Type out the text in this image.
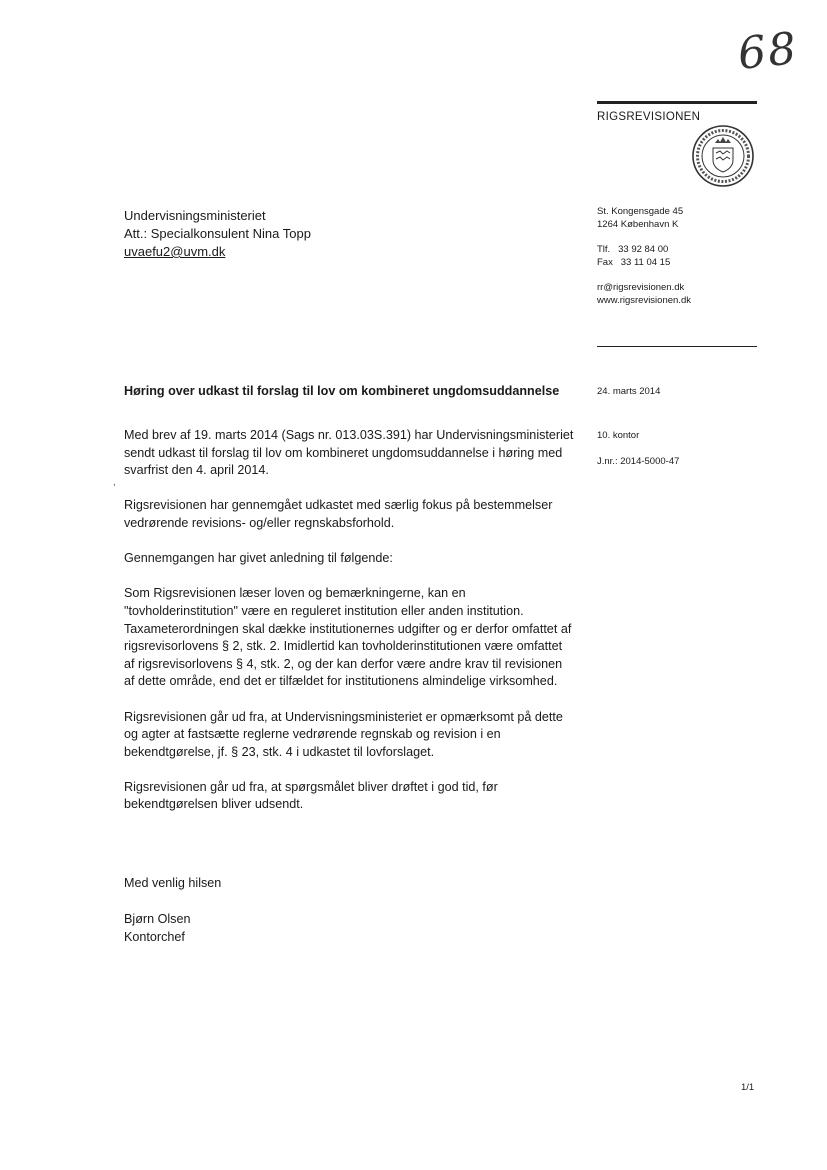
68
RIGSREVISIONEN
St. Kongensgade 45
1264 København K
Tlf.   33 92 84 00
Fax   33 11 04 15
rr@rigsrevisionen.dk
www.rigsrevisionen.dk
Undervisningsministeriet
Att.: Specialkonsulent Nina Topp
uvaefu2@uvm.dk
Høring over udkast til forslag til lov om kombineret ungdomsuddannelse	24. marts 2014
10. kontor
J.nr.: 2014-5000-47
,

Med brev af 19. marts 2014 (Sags nr. 013.03S.391) har Undervisningsministeriet sendt udkast til forslag til lov om kombineret ungdomsuddannelse i høring med svarfrist den 4. april 2014.

Rigsrevisionen har gennemgået udkastet med særlig fokus på bestemmelser vedrørende revisions- og/eller regnskabsforhold.

Gennemgangen har givet anledning til følgende:

Som Rigsrevisionen læser loven og bemærkningerne, kan en "tovholderinstitution" være en reguleret institution eller anden institution. Taxameterordningen skal dække institutionernes udgifter og er derfor omfattet af rigsrevisorlovens § 2, stk. 2. Imidlertid kan tovholderinstitutionen være omfattet af rigsrevisorlovens § 4, stk. 2, og der kan derfor være andre krav til revisionen af dette område, end det er tilfældet for institutionens almindelige virksomhed.

Rigsrevisionen går ud fra, at Undervisningsministeriet er opmærksomt på dette og agter at fastsætte reglerne vedrørende regnskab og revision i en bekendtgørelse, jf. § 23, stk. 4 i udkastet til lovforslaget.

Rigsrevisionen går ud fra, at spørgsmålet bliver drøftet i god tid, før bekendtgørelsen bliver udsendt.

Med venlig hilsen

Bjørn Olsen
Kontorchef
1/1
